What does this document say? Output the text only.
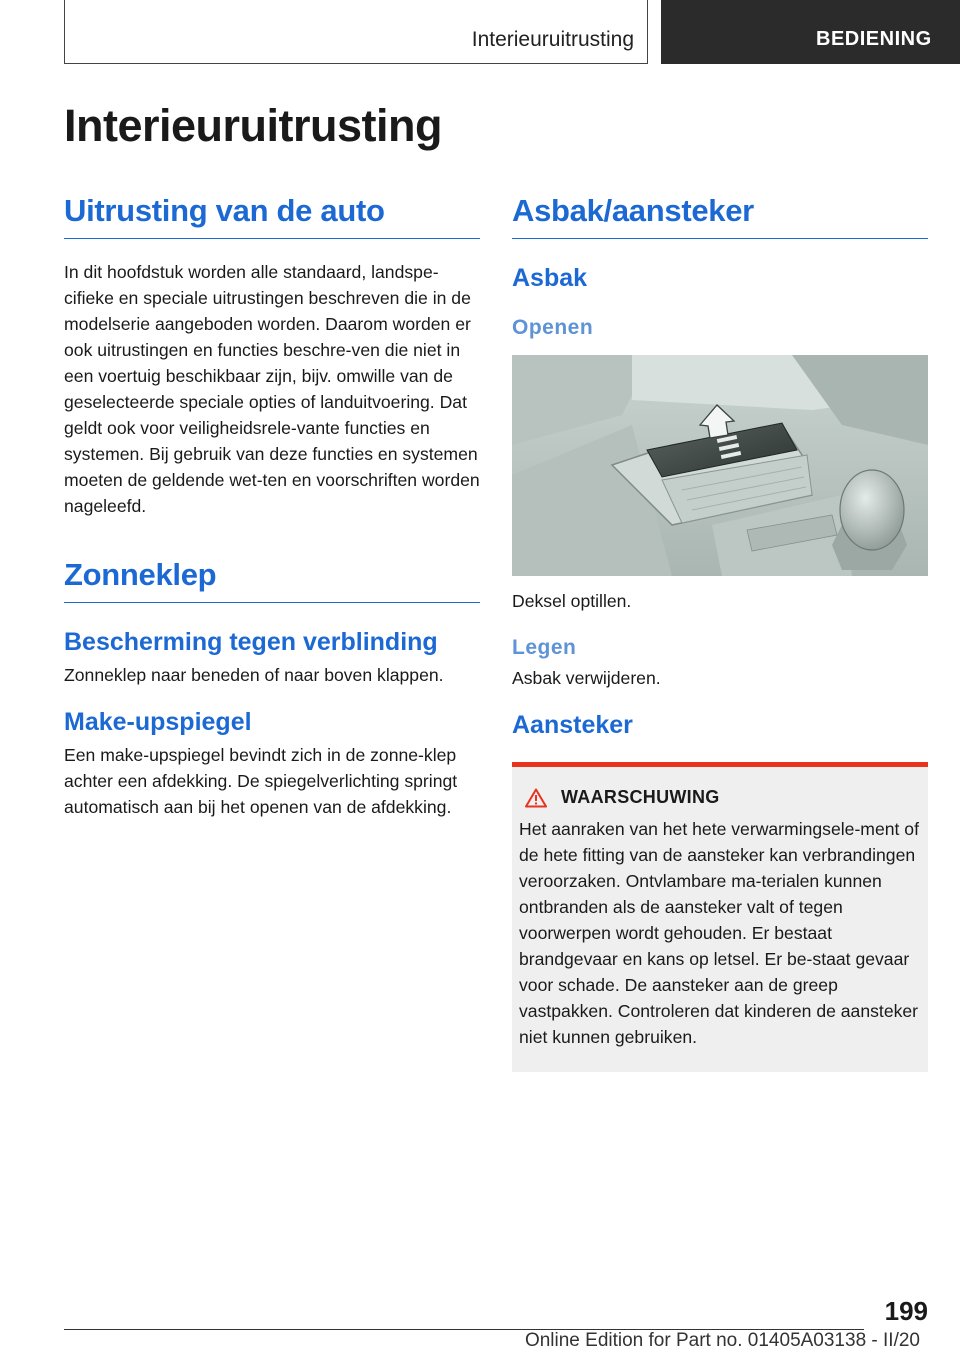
Interieuruitrusting	BEDIENING
Interieuruitrusting
Uitrusting van de auto

In dit hoofdstuk worden alle standaard, landspe-cifieke en speciale uitrustingen beschreven die in de modelserie aangeboden worden. Daarom worden er ook uitrustingen en functies beschre-ven die niet in een voertuig beschikbaar zijn, bijv. omwille van de geselecteerde speciale opties of landuitvoering. Dat geldt ook voor veiligheidsrele-vante functies en systemen. Bij gebruik van deze functies en systemen moeten de geldende wet-ten en voorschriften worden nageleefd.

Zonneklep
Bescherming tegen verblinding

Zonneklep naar beneden of naar boven klappen.

Make-upspiegel

Een make-upspiegel bevindt zich in de zonne-klep achter een afdekking. De spiegelverlichting springt automatisch aan bij het openen van de afdekking.

Asbak/aansteker
Asbak
Openen

Deksel optillen.

Legen

Asbak verwijderen.

Aansteker
WAARSCHUWING

Het aanraken van het hete verwarmingsele-ment of de hete fitting van de aansteker kan verbrandingen veroorzaken. Ontvlambare ma-terialen kunnen ontbranden als de aansteker valt of tegen voorwerpen wordt gehouden. Er bestaat brandgevaar en kans op letsel. Er be-staat gevaar voor schade. De aansteker aan de greep vastpakken. Controleren dat kinderen de aansteker niet kunnen gebruiken.

199
Online Edition for Part no. 01405A03138 - II/20
